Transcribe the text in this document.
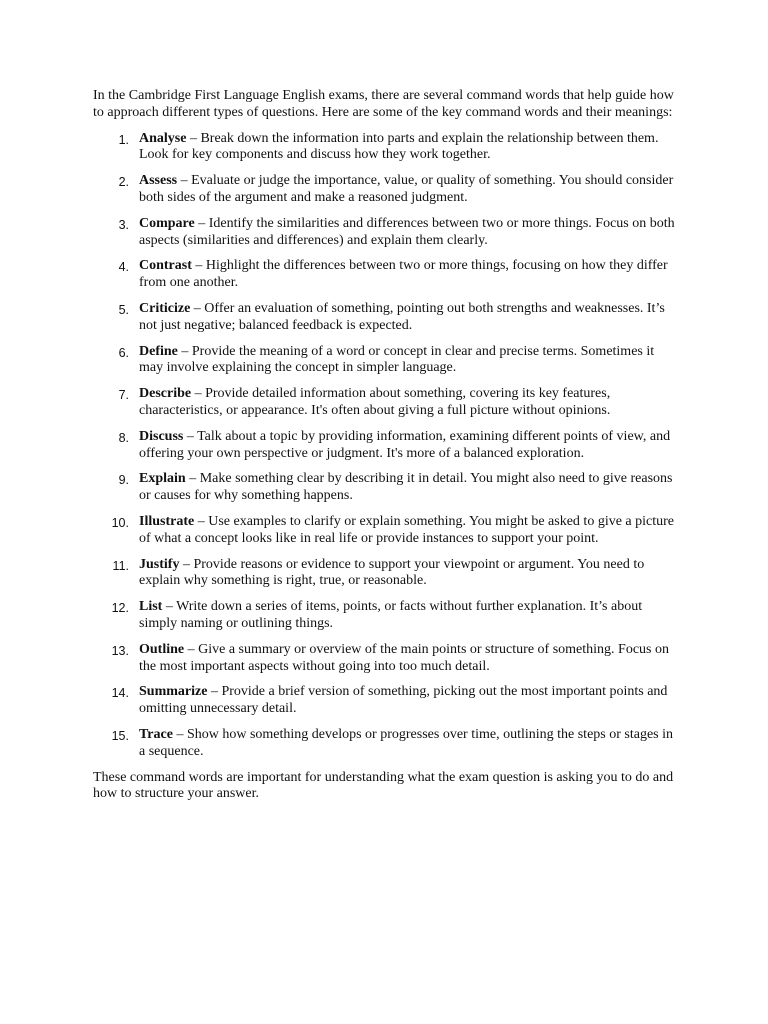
In the Cambridge First Language English exams, there are several command words that help guide how to approach different types of questions. Here are some of the key command words and their meanings:

1. Analyse – Break down the information into parts and explain the relationship between them. Look for key components and discuss how they work together.
2. Assess – Evaluate or judge the importance, value, or quality of something. You should consider both sides of the argument and make a reasoned judgment.
3. Compare – Identify the similarities and differences between two or more things. Focus on both aspects (similarities and differences) and explain them clearly.
4. Contrast – Highlight the differences between two or more things, focusing on how they differ from one another.
5. Criticize – Offer an evaluation of something, pointing out both strengths and weaknesses. It’s not just negative; balanced feedback is expected.
6. Define – Provide the meaning of a word or concept in clear and precise terms. Sometimes it may involve explaining the concept in simpler language.
7. Describe – Provide detailed information about something, covering its key features, characteristics, or appearance. It's often about giving a full picture without opinions.
8. Discuss – Talk about a topic by providing information, examining different points of view, and offering your own perspective or judgment. It's more of a balanced exploration.
9. Explain – Make something clear by describing it in detail. You might also need to give reasons or causes for why something happens.
10. Illustrate – Use examples to clarify or explain something. You might be asked to give a picture of what a concept looks like in real life or provide instances to support your point.
11. Justify – Provide reasons or evidence to support your viewpoint or argument. You need to explain why something is right, true, or reasonable.
12. List – Write down a series of items, points, or facts without further explanation. It’s about simply naming or outlining things.
13. Outline – Give a summary or overview of the main points or structure of something. Focus on the most important aspects without going into too much detail.
14. Summarize – Provide a brief version of something, picking out the most important points and omitting unnecessary detail.
15. Trace – Show how something develops or progresses over time, outlining the steps or stages in a sequence.

These command words are important for understanding what the exam question is asking you to do and how to structure your answer.
